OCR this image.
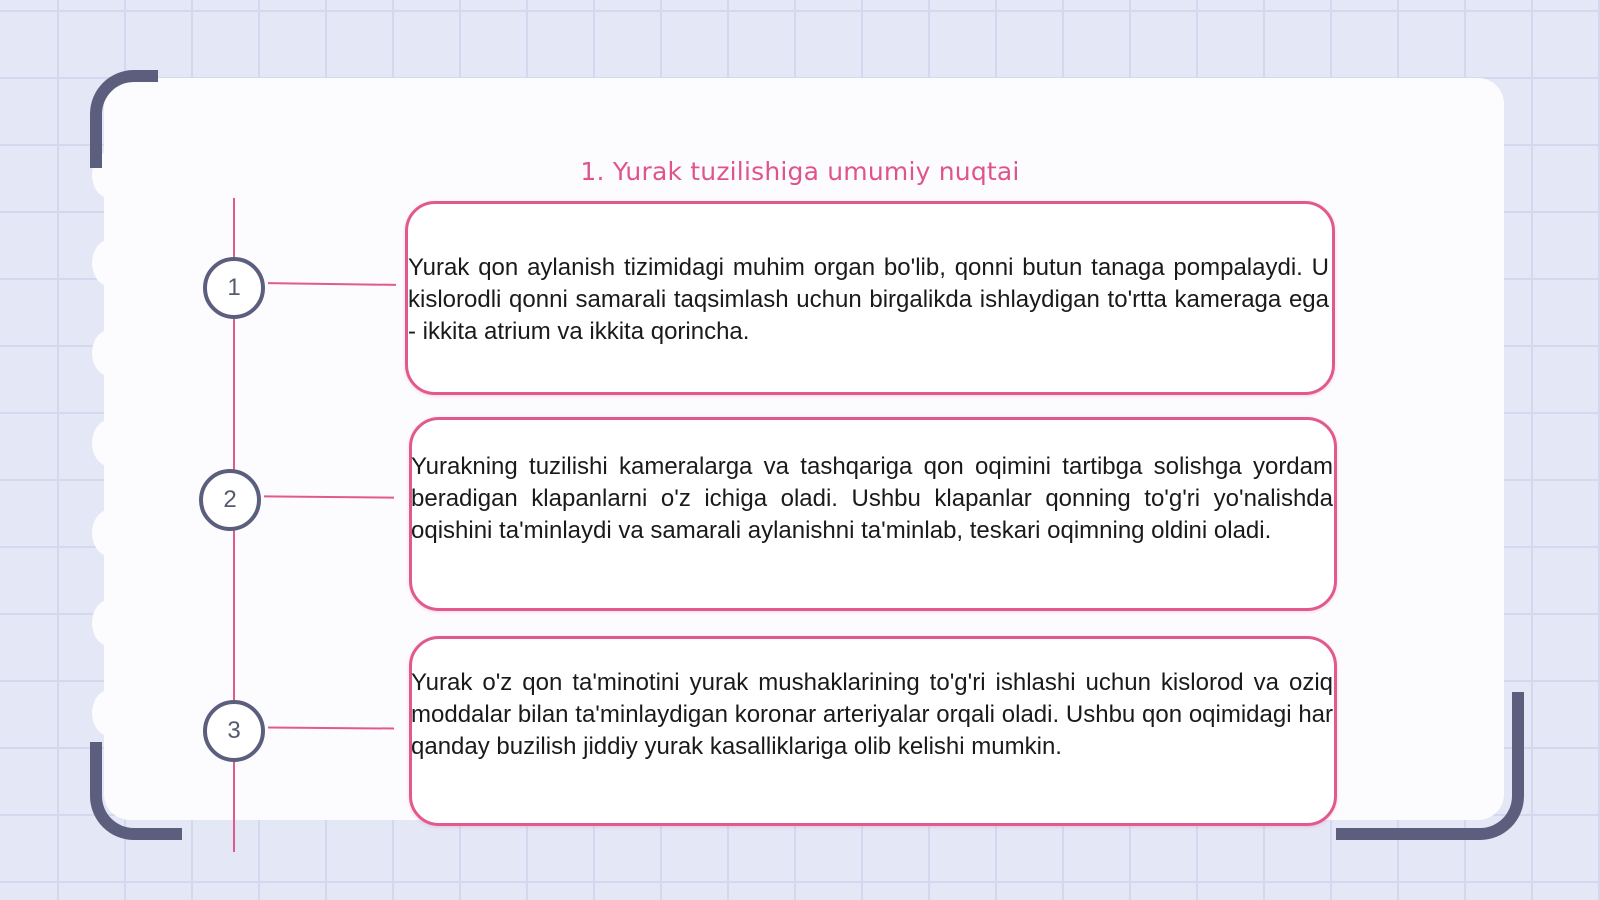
1. Yurak tuzilishiga umumiy nuqtai
1
2
3

Yurak qon aylanish tizimidagi muhim organ bo'lib, qonni butun tanaga pompalaydi. U kislorodli qonni samarali taqsimlash uchun birgalikda ishlaydigan to'rtta kameraga ega - ikkita atrium va ikkita qorincha.

Yurakning tuzilishi kameralarga va tashqariga qon oqimini tartibga solishga yordam beradigan klapanlarni o'z ichiga oladi. Ushbu klapanlar qonning to'g'ri yo'nalishda oqishini ta'minlaydi va samarali aylanishni ta'minlab, teskari oqimning oldini oladi.

Yurak o'z qon ta'minotini yurak mushaklarining to'g'ri ishlashi uchun kislorod va oziq moddalar bilan ta'minlaydigan koronar arteriyalar orqali oladi. Ushbu qon oqimidagi har qanday buzilish jiddiy yurak kasalliklariga olib kelishi mumkin.
